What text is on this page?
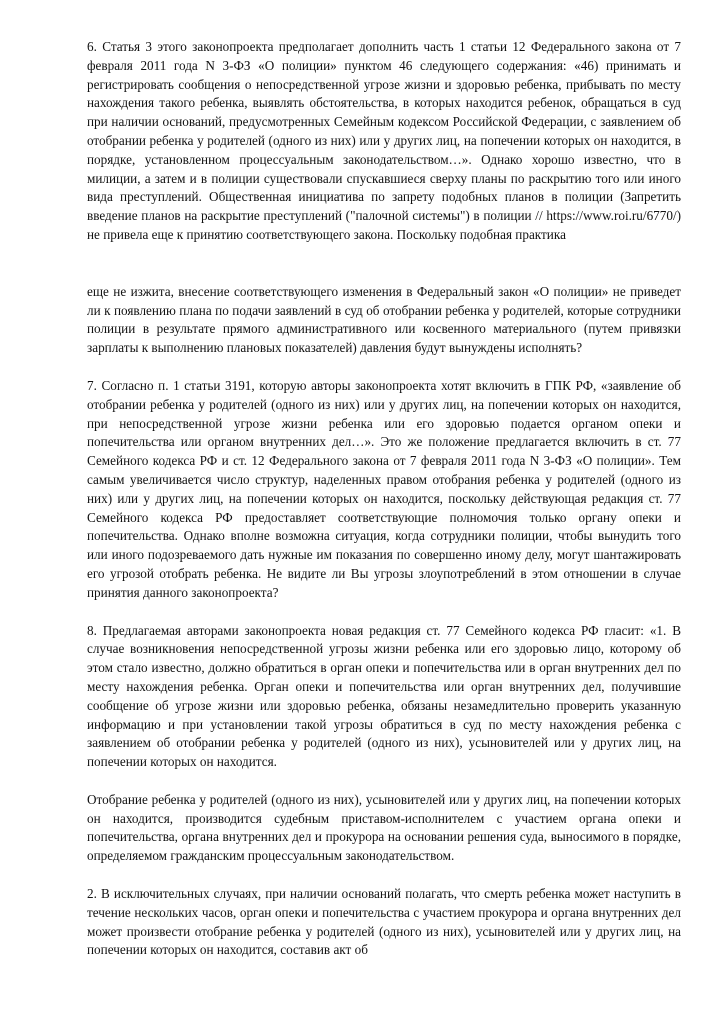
6. Статья 3 этого законопроекта предполагает дополнить часть 1 статьи 12 Федерального закона от 7 февраля 2011 года N 3-ФЗ «О полиции» пунктом 46 следующего содержания: «46) принимать и регистрировать сообщения о непосредственной угрозе жизни и здоровью ребенка, прибывать по месту нахождения такого ребенка, выявлять обстоятельства, в которых находится ребенок, обращаться в суд при наличии оснований, предусмотренных Семейным кодексом Российской Федерации, с заявлением об отобрании ребенка у родителей (одного из них) или у других лиц, на попечении которых он находится, в порядке, установленном процессуальным законодательством…». Однако хорошо известно, что в милиции, а затем и в полиции существовали спускавшиеся сверху планы по раскрытию того или иного вида преступлений. Общественная инициатива по запрету подобных планов в полиции (Запретить введение планов на раскрытие преступлений ("палочной системы") в полиции // https://www.roi.ru/6770/) не привела еще к принятию соответствующего закона. Поскольку подобная практика

еще не изжита, внесение соответствующего изменения в Федеральный закон «О полиции» не приведет ли к появлению плана по подачи заявлений в суд об отобрании ребенка у родителей, которые сотрудники полиции в результате прямого административного или косвенного материального (путем привязки зарплаты к выполнению плановых показателей) давления будут вынуждены исполнять?

7. Согласно п. 1 статьи 3191, которую авторы законопроекта хотят включить в ГПК РФ, «заявление об отобрании ребенка у родителей (одного из них) или у других лиц, на попечении которых он находится, при непосредственной угрозе жизни ребенка или его здоровью подается органом опеки и попечительства или органом внутренних дел…». Это же положение предлагается включить в ст. 77 Семейного кодекса РФ и ст. 12 Федерального закона от 7 февраля 2011 года N 3-ФЗ «О полиции». Тем самым увеличивается число структур, наделенных правом отобрания ребенка у родителей (одного из них) или у других лиц, на попечении которых он находится, поскольку действующая редакция ст. 77 Семейного кодекса РФ предоставляет соответствующие полномочия только органу опеки и попечительства. Однако вполне возможна ситуация, когда сотрудники полиции, чтобы вынудить того или иного подозреваемого дать нужные им показания по совершенно иному делу, могут шантажировать его угрозой отобрать ребенка. Не видите ли Вы угрозы злоупотреблений в этом отношении в случае принятия данного законопроекта?

8. Предлагаемая авторами законопроекта новая редакция ст. 77 Семейного кодекса РФ гласит: «1. В случае возникновения непосредственной угрозы жизни ребенка или его здоровью лицо, которому об этом стало известно, должно обратиться в орган опеки и попечительства или в орган внутренних дел по месту нахождения ребенка. Орган опеки и попечительства или орган внутренних дел, получившие сообщение об угрозе жизни или здоровью ребенка, обязаны незамедлительно проверить указанную информацию и при установлении такой угрозы обратиться в суд по месту нахождения ребенка с заявлением об отобрании ребенка у родителей (одного из них), усыновителей или у других лиц, на попечении которых он находится.

Отобрание ребенка у родителей (одного из них), усыновителей или у других лиц, на попечении которых он находится, производится судебным приставом-исполнителем с участием органа опеки и попечительства, органа внутренних дел и прокурора на основании решения суда, выносимого в порядке, определяемом гражданским процессуальным законодательством.

2. В исключительных случаях, при наличии оснований полагать, что смерть ребенка может наступить в течение нескольких часов, орган опеки и попечительства с участием прокурора и органа внутренних дел может произвести отобрание ребенка у родителей (одного из них), усыновителей или у других лиц, на попечении которых он находится, составив акт об
